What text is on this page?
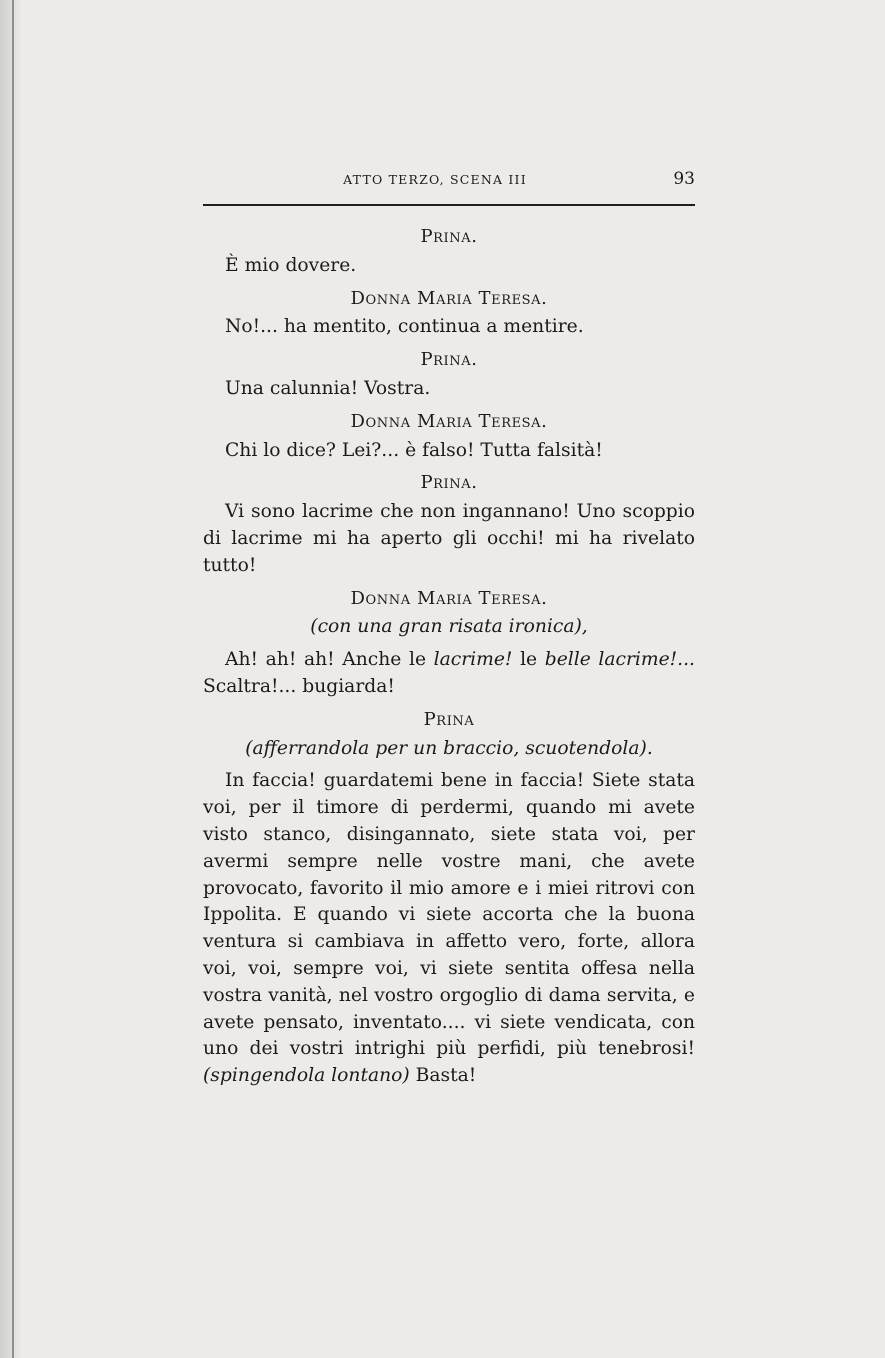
ATTO TERZO, SCENA III	93
Prina.

È mio dovere.

Donna Maria Teresa.

No!... ha mentito, continua a mentire.

Prina.

Una calunnia! Vostra.

Donna Maria Teresa.

Chi lo dice? Lei?... è falso! Tutta falsità!

Prina.

Vi sono lacrime che non ingannano! Uno scoppio di lacrime mi ha aperto gli occhi! mi ha rivelato tutto!

Donna Maria Teresa.
(con una gran risata ironica),

Ah! ah! ah! Anche le lacrime! le belle lacrime!... Scaltra!... bugiarda!

Prina
(afferrandola per un braccio, scuotendola).

In faccia! guardatemi bene in faccia! Siete stata voi, per il timore di perdermi, quando mi avete visto stanco, disingannato, siete stata voi, per avermi sempre nelle vostre mani, che avete provocato, favorito il mio amore e i miei ritrovi con Ippolita. E quando vi siete accorta che la buona ventura si cambiava in affetto vero, forte, allora voi, voi, sempre voi, vi siete sentita offesa nella vostra vanità, nel vostro orgoglio di dama servita, e avete pensato, inventato.... vi siete vendicata, con uno dei vostri intrighi più perfidi, più tenebrosi! (spingendola lontano) Basta!
